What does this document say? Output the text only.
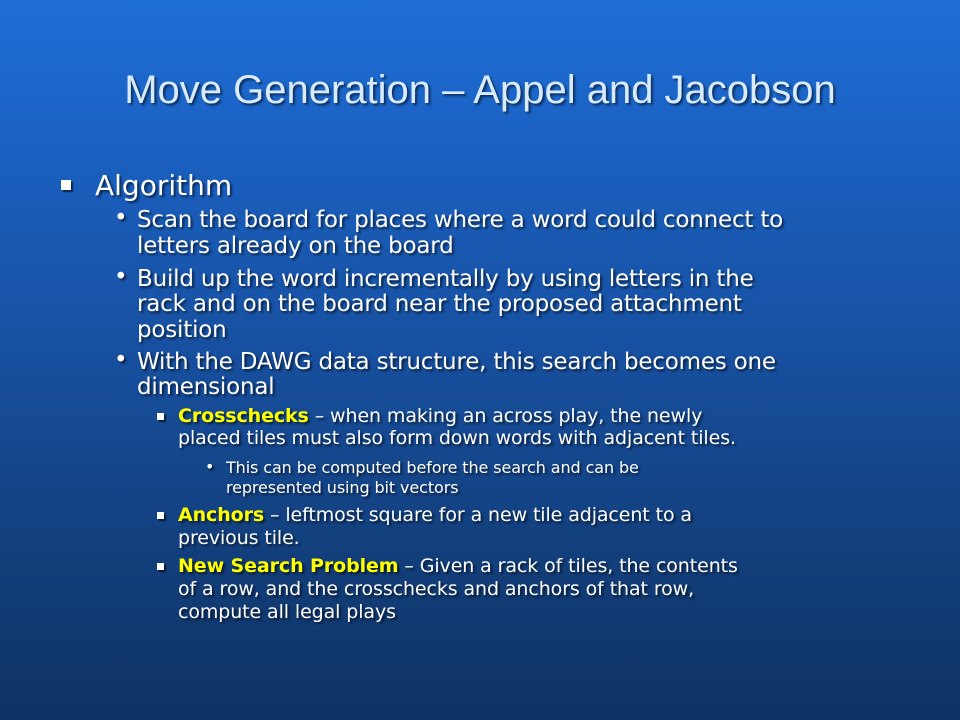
Move Generation – Appel and Jacobson
Algorithm
• Scan the board for places where a word could connect to
letters already on the board
• Build up the word incrementally by using letters in the
rack and on the board near the proposed attachment
position
• With the DAWG data structure, this search becomes one
dimensional
Crosschecks – when making an across play, the newly
placed tiles must also form down words with adjacent tiles.
• This can be computed before the search and can be
represented using bit vectors
Anchors – leftmost square for a new tile adjacent to a
previous tile.
New Search Problem – Given a rack of tiles, the contents
of a row, and the crosschecks and anchors of that row,
compute all legal plays
